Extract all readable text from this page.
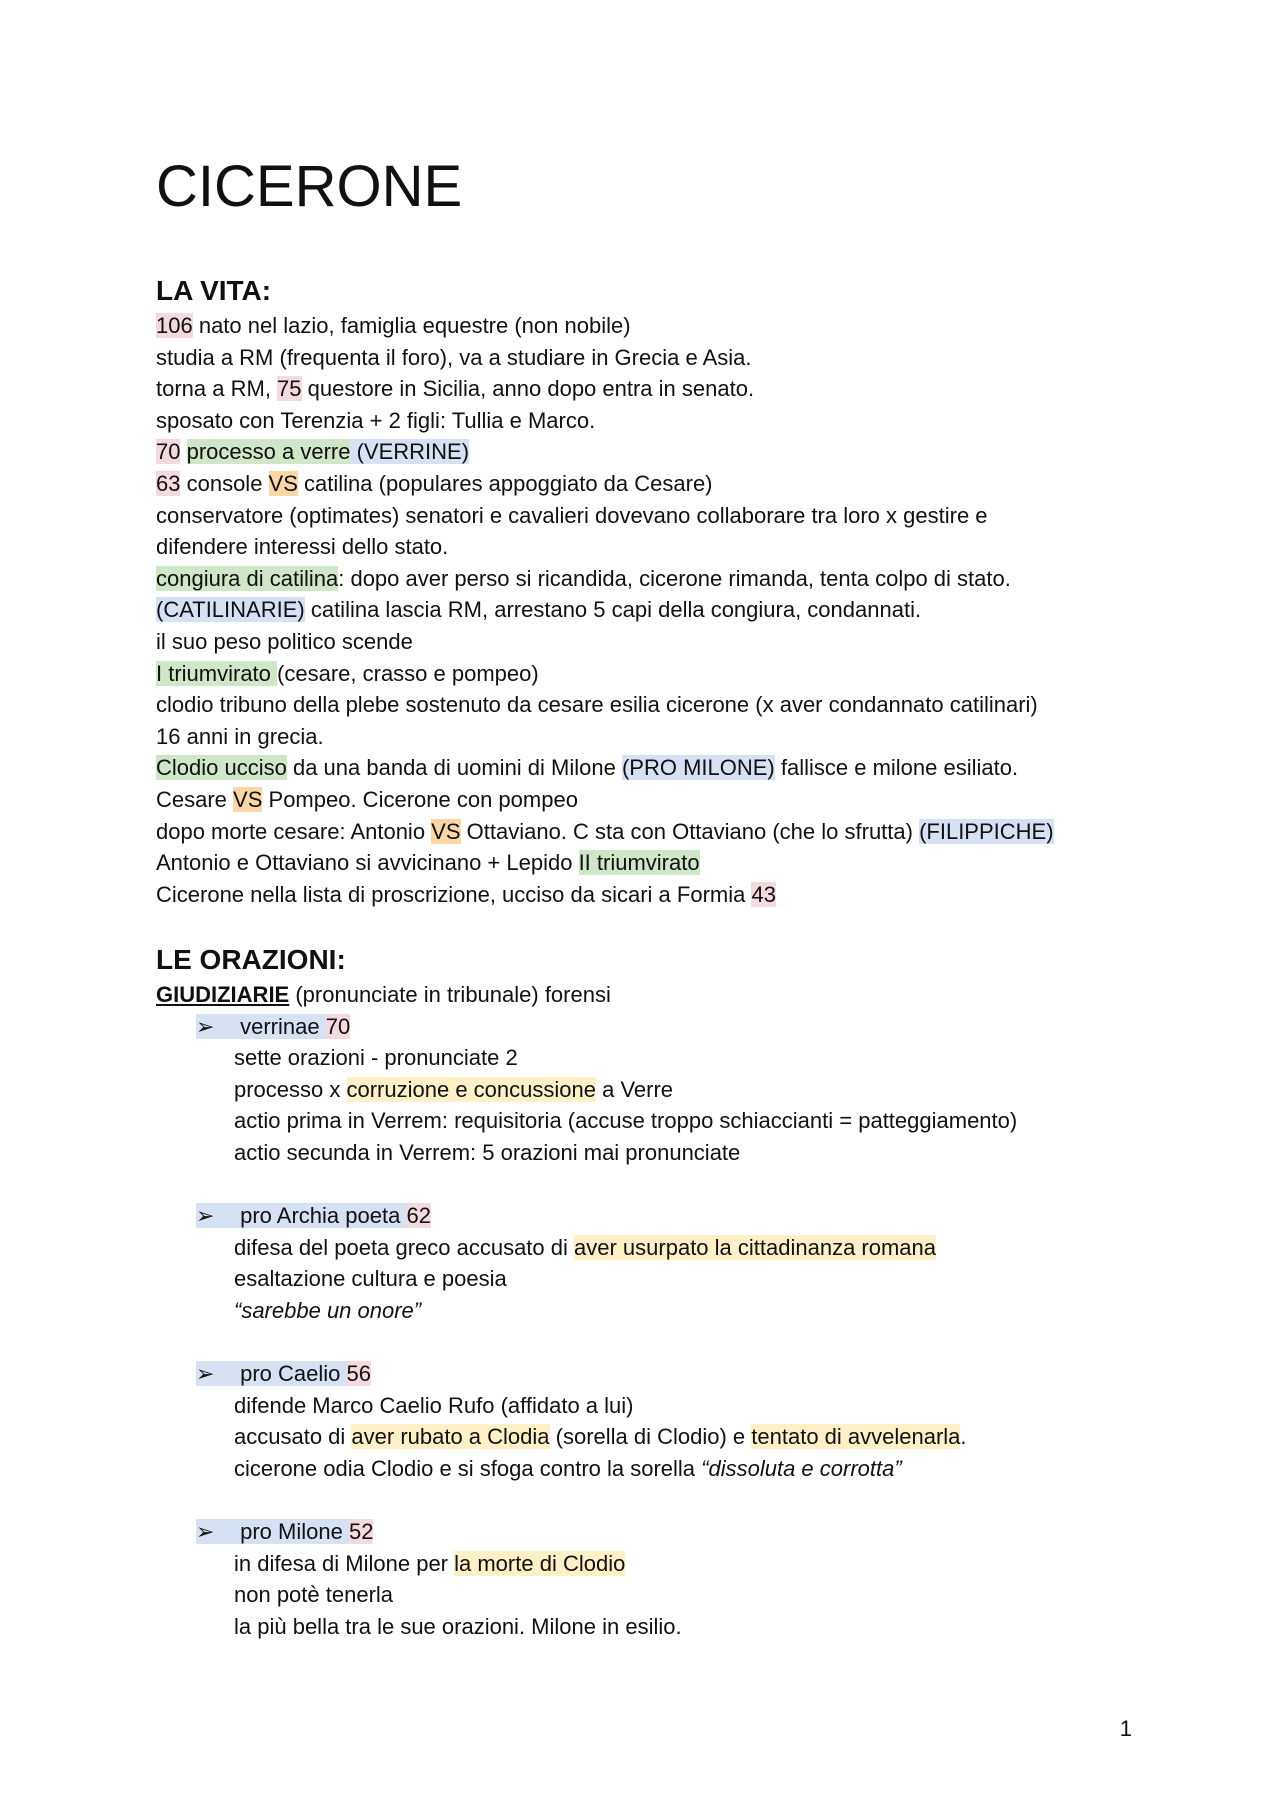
CICERONE
LA VITA:
106 nato nel lazio, famiglia equestre (non nobile)
studia a RM (frequenta il foro), va a studiare in Grecia e Asia.
torna a RM, 75 questore in Sicilia, anno dopo entra in senato.
sposato con Terenzia + 2 figli: Tullia e Marco.
70 processo a verre (VERRINE)
63 console VS catilina (populares appoggiato da Cesare)
conservatore (optimates) senatori e cavalieri dovevano collaborare tra loro x gestire e
difendere interessi dello stato.
congiura di catilina: dopo aver perso si ricandida, cicerone rimanda, tenta colpo di stato.
(CATILINARIE) catilina lascia RM, arrestano 5 capi della congiura, condannati.
il suo peso politico scende
I triumvirato (cesare, crasso e pompeo)
clodio tribuno della plebe sostenuto da cesare esilia cicerone (x aver condannato catilinari)
16 anni in grecia.
Clodio ucciso da una banda di uomini di Milone (PRO MILONE) fallisce e milone esiliato.
Cesare VS Pompeo. Cicerone con pompeo
dopo morte cesare: Antonio VS Ottaviano. C sta con Ottaviano (che lo sfrutta) (FILIPPICHE)
Antonio e Ottaviano si avvicinano + Lepido II triumvirato
Cicerone nella lista di proscrizione, ucciso da sicari a Formia 43
LE ORAZIONI:
GIUDIZIARIE (pronunciate in tribunale) forensi
➢ verrinae 70
sette orazioni - pronunciate 2
processo x corruzione e concussione a Verre
actio prima in Verrem: requisitoria (accuse troppo schiaccianti = patteggiamento)
actio secunda in Verrem: 5 orazioni mai pronunciate
➢ pro Archia poeta 62
difesa del poeta greco accusato di aver usurpato la cittadinanza romana
esaltazione cultura e poesia
“sarebbe un onore”
➢ pro Caelio 56
difende Marco Caelio Rufo (affidato a lui)
accusato di aver rubato a Clodia (sorella di Clodio) e tentato di avvelenarla.
cicerone odia Clodio e si sfoga contro la sorella “dissoluta e corrotta”
➢ pro Milone 52
in difesa di Milone per la morte di Clodio
non potè tenerla
la più bella tra le sue orazioni. Milone in esilio.
1
